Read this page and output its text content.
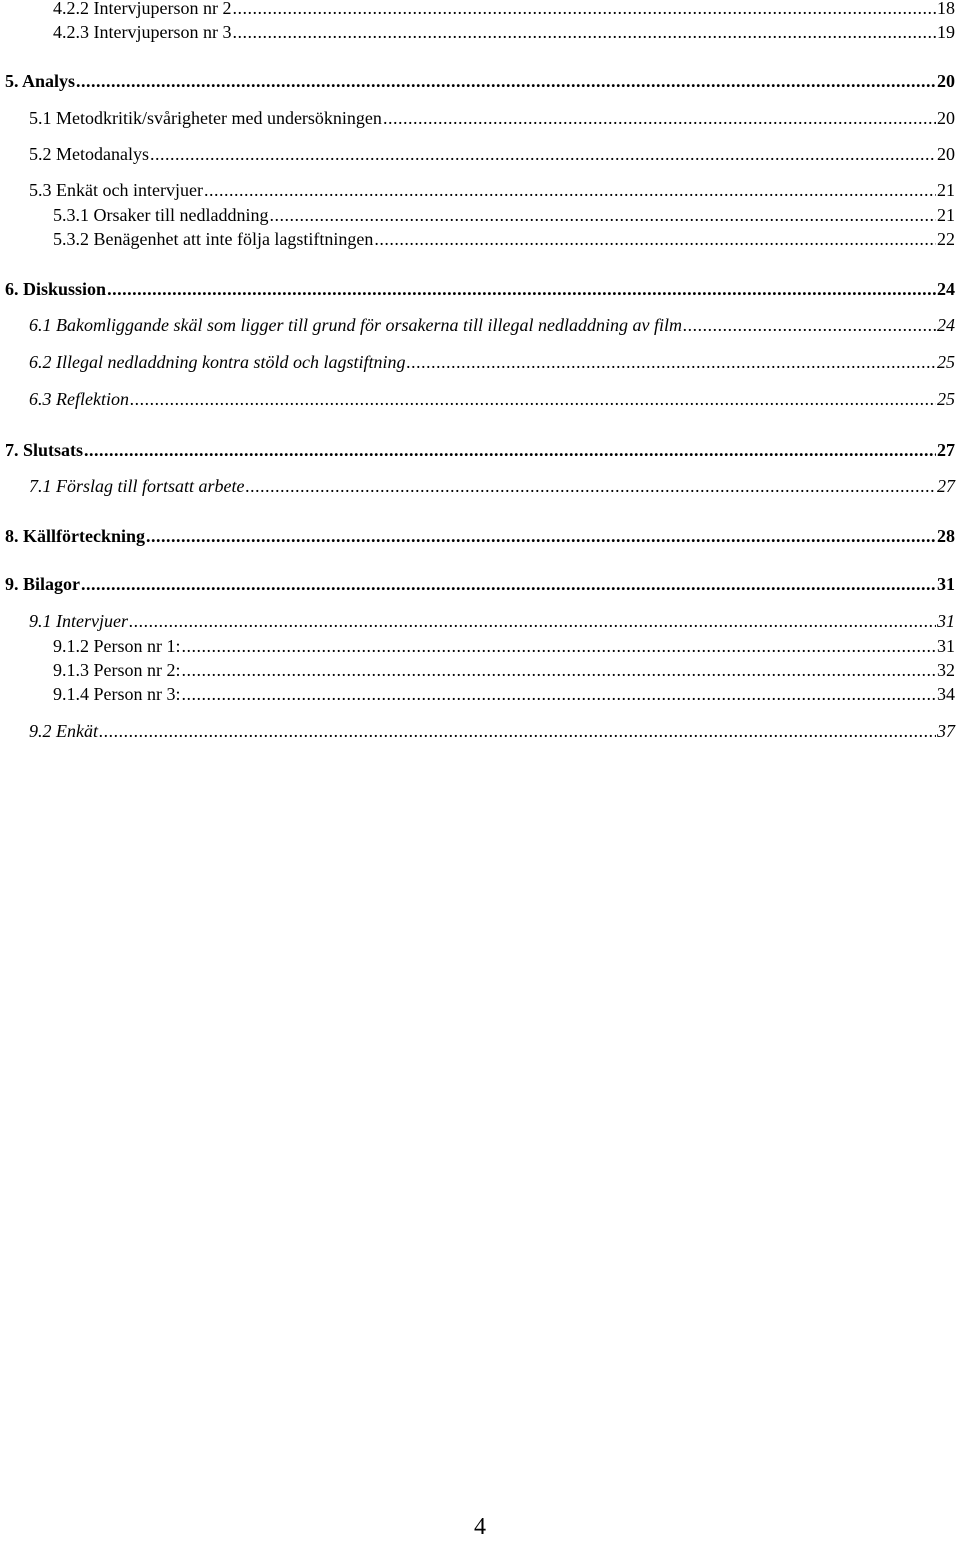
4.2.2 Intervjuperson nr 2 .....	18
4.2.3 Intervjuperson nr 3 .....	19
5. Analys .....	20
5.1 Metodkritik/svårigheter med undersökningen .....	20
5.2 Metodanalys .....	20
5.3 Enkät och intervjuer .....	21
5.3.1 Orsaker till nedladdning .....	21
5.3.2 Benägenhet att inte följa lagstiftningen .....	22
6. Diskussion .....	24
6.1 Bakomliggande skäl som ligger till grund för orsakerna till illegal nedladdning av film .....	24
6.2 Illegal nedladdning kontra stöld och lagstiftning .....	25
6.3 Reflektion .....	25
7. Slutsats .....	27
7.1 Förslag till fortsatt arbete .....	27
8. Källförteckning .....	28
9. Bilagor .....	31
9.1 Intervjuer .....	31
9.1.2 Person nr 1: .....	31
9.1.3 Person nr 2: .....	32
9.1.4 Person nr 3: .....	34
9.2 Enkät .....	37
4
